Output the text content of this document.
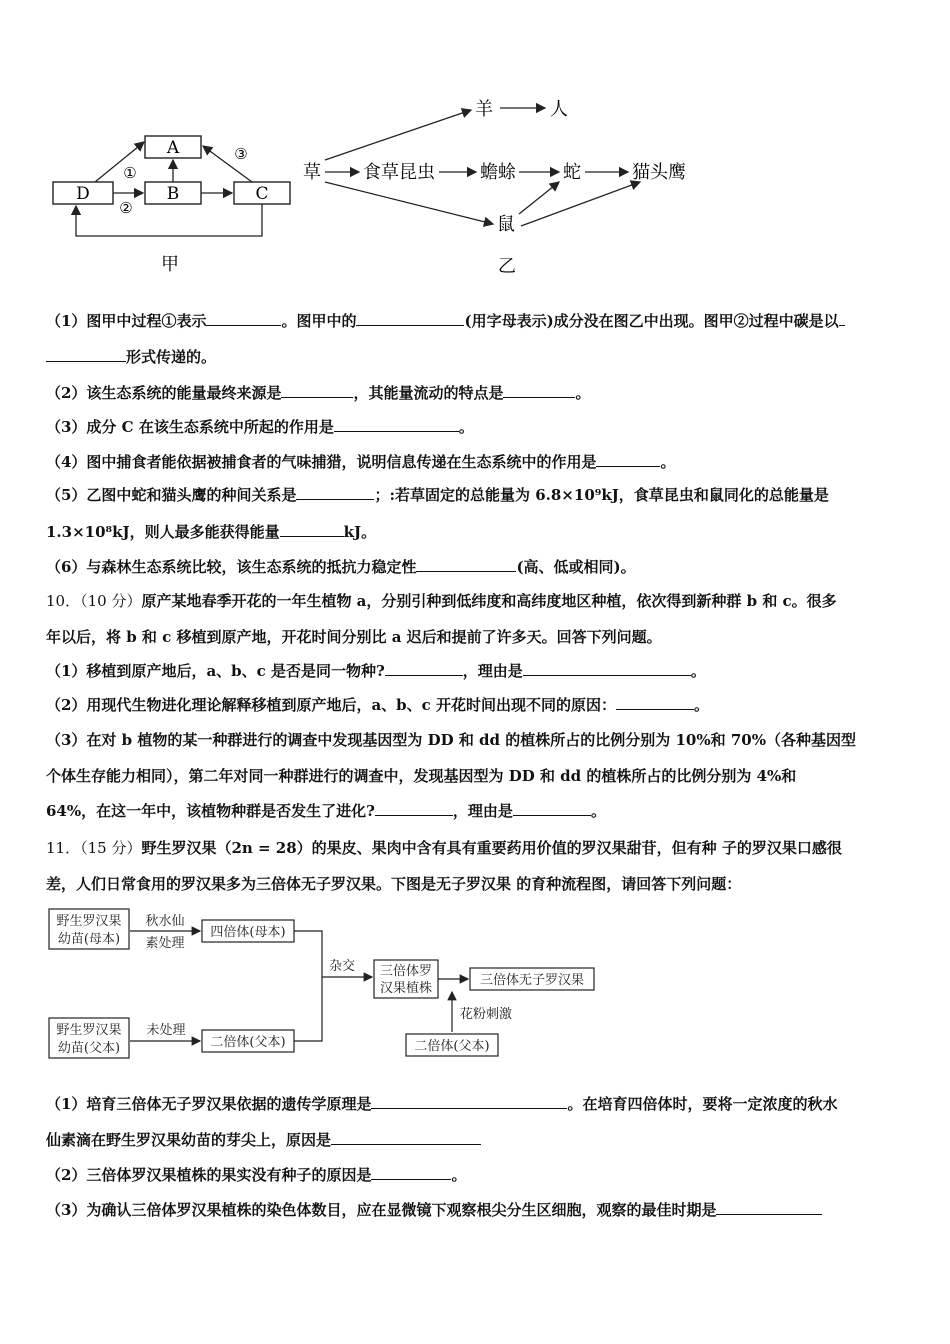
A
B	C
D
①
②
③
甲
草 食草昆虫	蟾蜍	蛇	猫头鹰
羊	人
鼠
乙
（1）图甲中过程①表示	。图甲中的	(用字母表示)成分没在图乙中出现。图甲②过程中碳是以
形式传递的。
（2）该生态系统的能量最终来源是	，其能量流动的特点是	。
（3）成分 C 在该生态系统中所起的作用是	。
（4）图中捕食者能依据被捕食者的气味捕猎，说明信息传递在生态系统中的作用是	。
（5）乙图中蛇和猫头鹰的种间关系是	；:若草固定的总能量为 6.8×10⁹kJ，食草昆虫和鼠同化的总能量是
1.3×10⁸kJ，则人最多能获得能量	kJ。
（6）与森林生态系统比较，该生态系统的抵抗力稳定性	(高、低或相同)。
10．（10 分）原产某地春季开花的一年生植物 a，分别引种到低纬度和高纬度地区种植，依次得到新种群 b 和 c。很多
年以后，将 b 和 c 移植到原产地，开花时间分别比 a 迟后和提前了许多天。回答下列问题。
（1）移植到原产地后，a、b、c 是否是同一物种?	，理由是	。
（2）用现代生物进化理论解释移植到原产地后，a、b、c 开花时间出现不同的原因：	。
（3）在对 b 植物的某一种群进行的调查中发现基因型为 DD 和 dd 的植株所占的比例分别为 10%和 70%（各种基因型
个体生存能力相同），第二年对同一种群进行的调查中，发现基因型为 DD 和 dd 的植株所占的比例分别为 4%和
64%，在这一年中，该植物种群是否发生了进化?	，理由是	。
11．（15 分）野生罗汉果（2n = 28）的果皮、果肉中含有具有重要药用价值的罗汉果甜苷，但有种 子的罗汉果口感很
差，人们日常食用的罗汉果多为三倍体无子罗汉果。下图是无子罗汉果 的育种流程图，请回答下列问题：
野生罗汉果
幼苗(母本)
秋水仙
素处理
四倍体(母本)
杂交 三倍体罗
汉果植株
三倍体无子罗汉果
野生罗汉果
幼苗(父本)
未处理
二倍体(父本)
花粉刺激
二倍体(父本)
（1）培育三倍体无子罗汉果依据的遗传学原理是	。在培育四倍体时，要将一定浓度的秋水
仙素滴在野生罗汉果幼苗的芽尖上，原因是
（2）三倍体罗汉果植株的果实没有种子的原因是	。
（3）为确认三倍体罗汉果植株的染色体数目，应在显微镜下观察根尖分生区细胞，观察的最佳时期是
